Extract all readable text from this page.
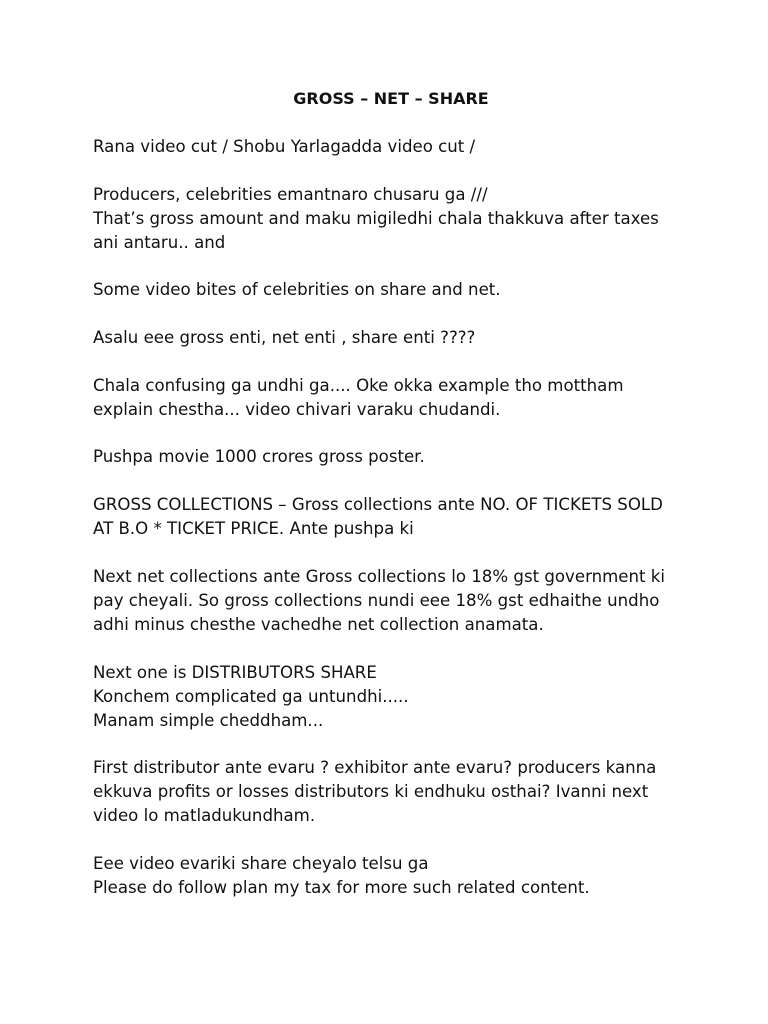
GROSS – NET – SHARE
Rana video cut / Shobu Yarlagadda video cut /
Producers, celebrities emantnaro chusaru ga ///
That’s gross amount and maku migiledhi chala thakkuva after taxes
ani antaru.. and
Some video bites of celebrities on share and net.
Asalu eee gross enti, net enti , share enti ????
Chala confusing ga undhi ga.... Oke okka example tho mottham
explain chestha... video chivari varaku chudandi.
Pushpa movie 1000 crores gross poster.
GROSS COLLECTIONS – Gross collections ante NO. OF TICKETS SOLD
AT B.O * TICKET PRICE. Ante pushpa ki
Next net collections ante Gross collections lo 18% gst government ki
pay cheyali. So gross collections nundi eee 18% gst edhaithe undho
adhi minus chesthe vachedhe net collection anamata.
Next one is DISTRIBUTORS SHARE
Konchem complicated ga untundhi.....
Manam simple cheddham...
First distributor ante evaru ? exhibitor ante evaru? producers kanna
ekkuva profits or losses distributors ki endhuku osthai? Ivanni next
video lo matladukundham.
Eee video evariki share cheyalo telsu ga
Please do follow plan my tax for more such related content.
